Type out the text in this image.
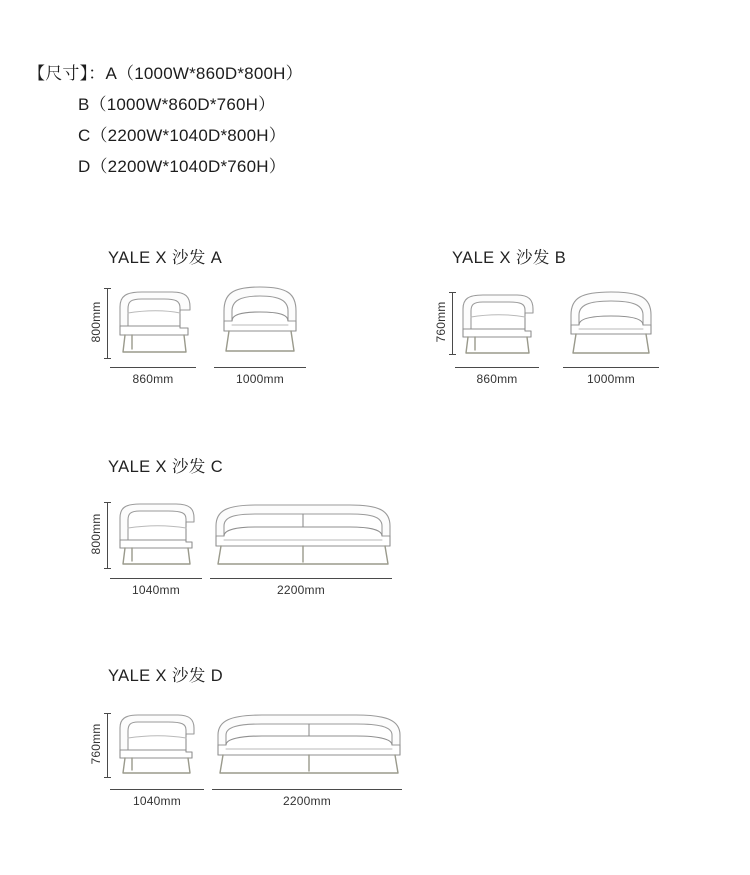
【尺寸】：A（1000W*860D*800H）
B（1000W*860D*760H）
C（2200W*1040D*800H）
D（2200W*1040D*760H）
YALE X 沙发 A
800mm
860mm	1000mm
YALE X 沙发 B
760mm
860mm	1000mm
YALE X 沙发 C
800mm
1040mm	2200mm
YALE X 沙发 D
760mm
1040mm	2200mm
